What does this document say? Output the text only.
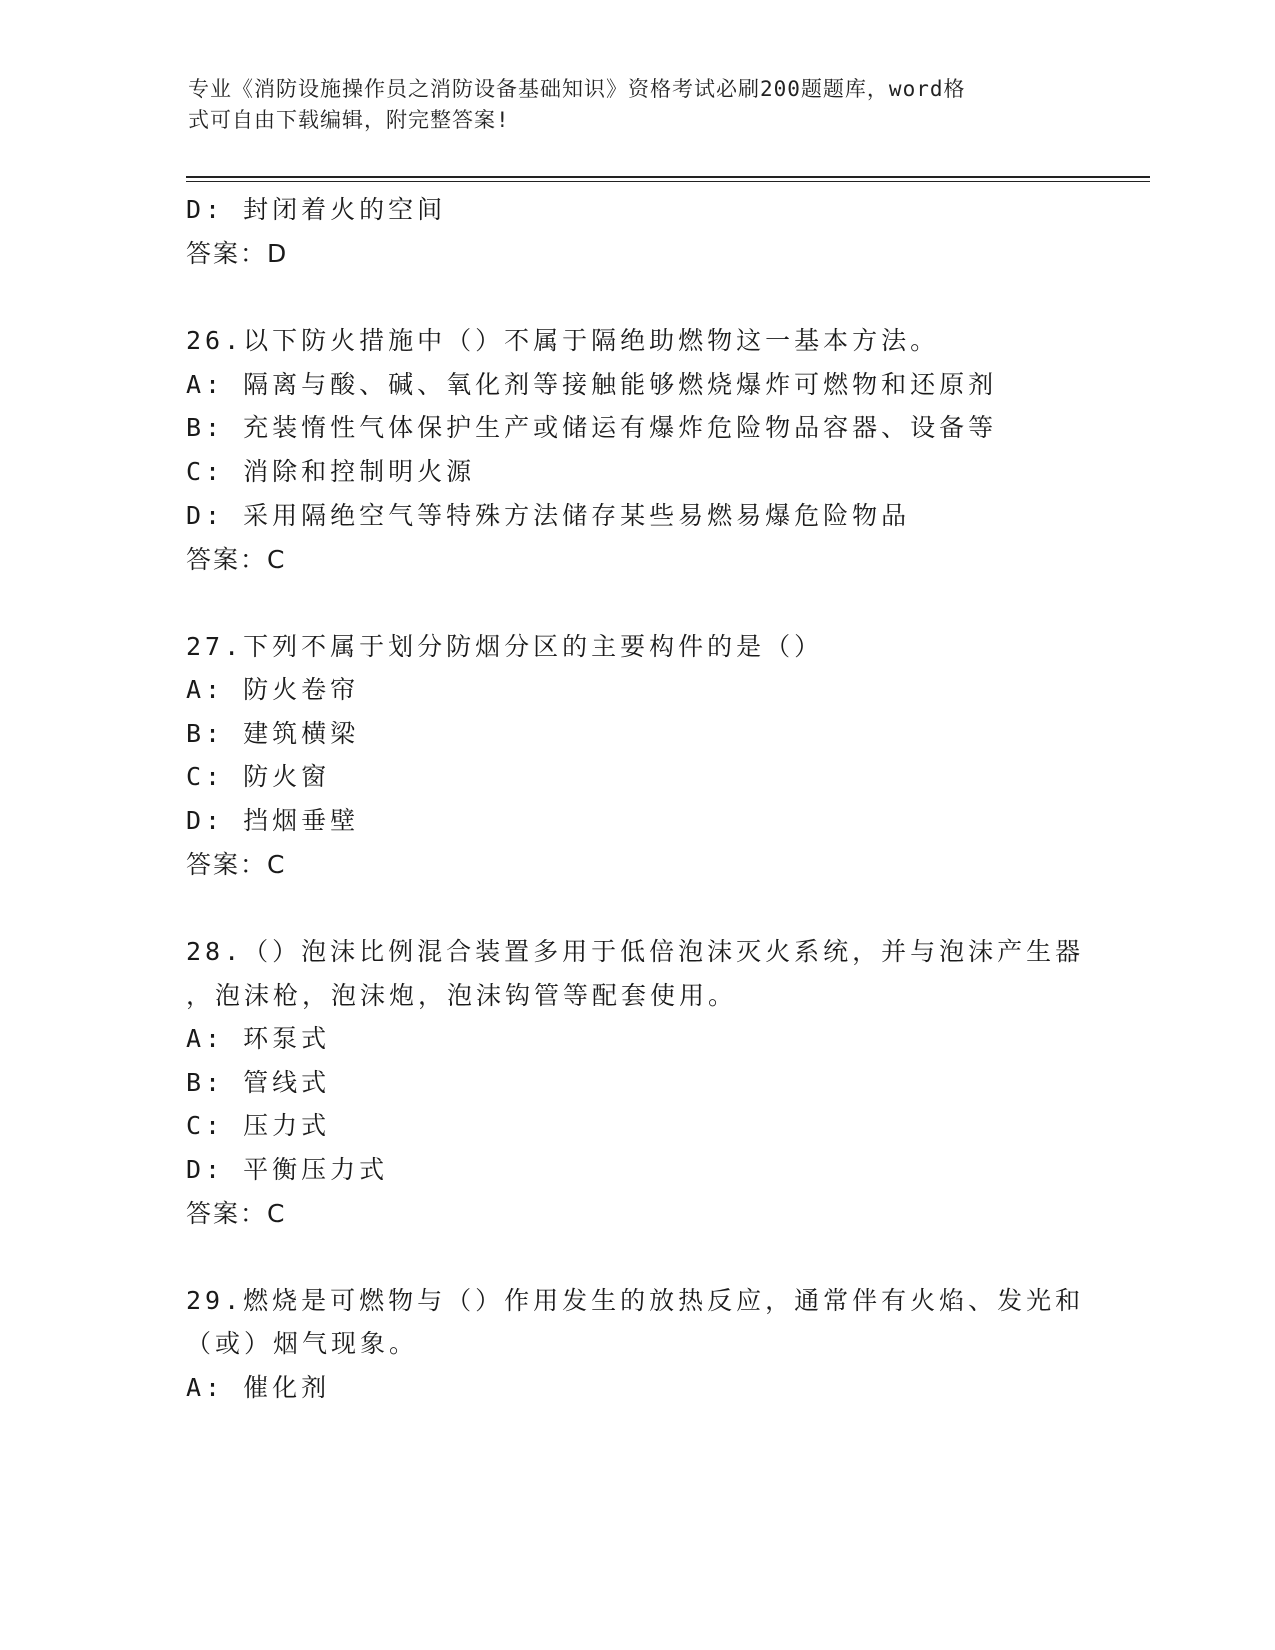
专业《消防设施操作员之消防设备基础知识》资格考试必刷200题题库，word格
式可自由下载编辑，附完整答案!
D: 封闭着火的空间
答案：D
26.以下防火措施中（）不属于隔绝助燃物这一基本方法。
A: 隔离与酸、碱、氧化剂等接触能够燃烧爆炸可燃物和还原剂
B: 充装惰性气体保护生产或储运有爆炸危险物品容器、设备等
C: 消除和控制明火源
D: 采用隔绝空气等特殊方法储存某些易燃易爆危险物品
答案：C
27.下列不属于划分防烟分区的主要构件的是（）
A: 防火卷帘
B: 建筑横梁
C: 防火窗
D: 挡烟垂壁
答案：C
28.（）泡沫比例混合装置多用于低倍泡沫灭火系统，并与泡沫产生器
，泡沫枪，泡沫炮，泡沫钩管等配套使用。
A: 环泵式
B: 管线式
C: 压力式
D: 平衡压力式
答案：C
29.燃烧是可燃物与（）作用发生的放热反应，通常伴有火焰、发光和
（或）烟气现象。
A: 催化剂
